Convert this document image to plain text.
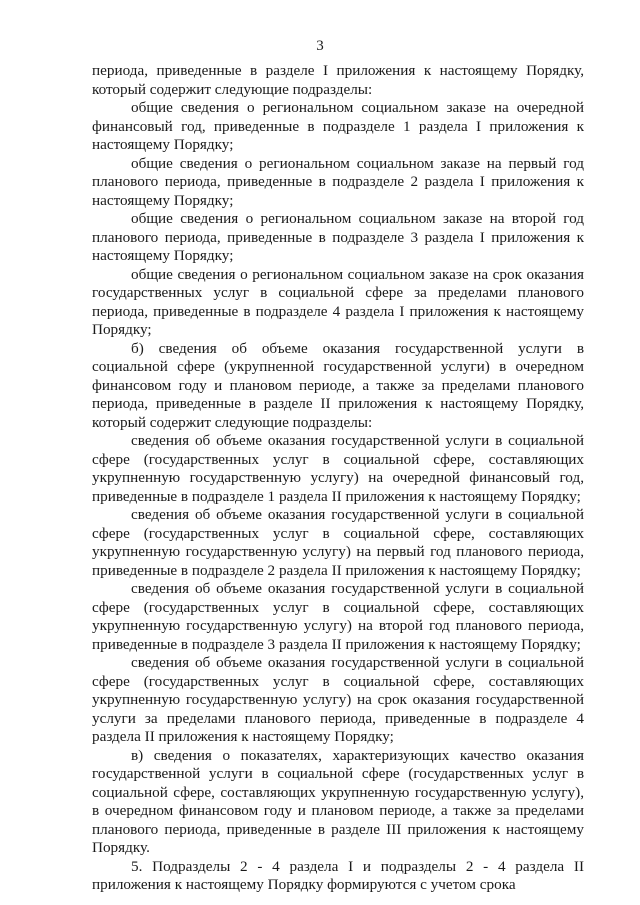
3

периода, приведенные в разделе I приложения к настоящему Порядку, который содержит следующие подразделы:

общие сведения о региональном социальном заказе на очередной финансовый год, приведенные в подразделе 1 раздела I приложения к настоящему Порядку;

общие сведения о региональном социальном заказе на первый год планового периода, приведенные в подразделе 2 раздела I приложения к настоящему Порядку;

общие сведения о региональном социальном заказе на второй год планового периода, приведенные в подразделе 3 раздела I приложения к настоящему Порядку;

общие сведения о региональном социальном заказе на срок оказания государственных услуг в социальной сфере за пределами планового периода, приведенные в подразделе 4 раздела I приложения к настоящему Порядку;

б) сведения об объеме оказания государственной услуги в социальной сфере (укрупненной государственной услуги) в очередном финансовом году и плановом периоде, а также за пределами планового периода, приведенные в разделе II приложения к настоящему Порядку, который содержит следующие подразделы:

сведения об объеме оказания государственной услуги в социальной сфере (государственных услуг в социальной сфере, составляющих укрупненную государственную услугу) на очередной финансовый год, приведенные в подразделе 1 раздела II приложения к настоящему Порядку;

сведения об объеме оказания государственной услуги в социальной сфере (государственных услуг в социальной сфере, составляющих укрупненную государственную услугу) на первый год планового периода, приведенные в подразделе 2 раздела II приложения к настоящему Порядку;

сведения об объеме оказания государственной услуги в социальной сфере (государственных услуг в социальной сфере, составляющих укрупненную государственную услугу) на второй год планового периода, приведенные в подразделе 3 раздела II приложения к настоящему Порядку;

сведения об объеме оказания государственной услуги в социальной сфере (государственных услуг в социальной сфере, составляющих укрупненную государственную услугу) на срок оказания государственной услуги за пределами планового периода, приведенные в подразделе 4 раздела II приложения к настоящему Порядку;

в) сведения о показателях, характеризующих качество оказания государственной услуги в социальной сфере (государственных услуг в социальной сфере, составляющих укрупненную государственную услугу), в очередном финансовом году и плановом периоде, а также за пределами планового периода, приведенные в разделе III приложения к настоящему Порядку.

5. Подразделы 2 - 4 раздела I и подразделы 2 - 4 раздела II приложения к настоящему Порядку формируются с учетом срока
